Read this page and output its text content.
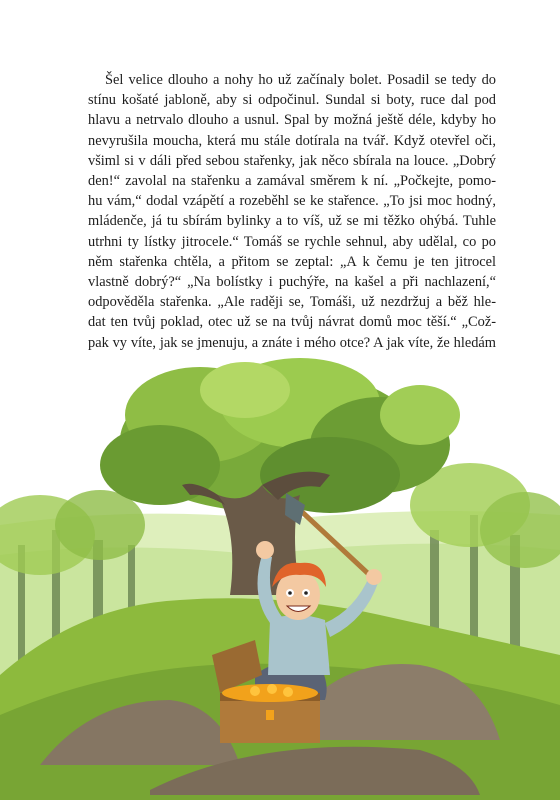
Šel velice dlouho a nohy ho už začínaly bolet. Posadil se tedy do
stínu košaté jabloně, aby si odpočinul. Sundal si boty, ruce dal pod
hlavu a netrvalo dlouho a usnul. Spal by možná ještě déle, kdyby ho
nevyrušila moucha, která mu stále dotírala na tvář. Když otevřel oči,
všiml si v dáli před sebou stařenky, jak něco sbírala na louce. „Dobrý
den!“ zavolal na stařenku a zamával směrem k ní. „Počkejte, pomo-
hu vám,“ dodal vzápětí a rozeběhl se ke stařence. „To jsi moc hodný,
mládenče, já tu sbírám bylinky a to víš, už se mi těžko ohýbá. Tuhle
utrhni ty lístky jitrocele.“ Tomáš se rychle sehnul, aby udělal, co po
něm stařenka chtěla, a přitom se zeptal: „A k čemu je ten jitrocel
vlastně dobrý?“ „Na bolístky i puchýře, na kašel a při nachlazení,“
odpověděla stařenka. „Ale raději se, Tomáši, už nezdržuj a běž hle-
dat ten tvůj poklad, otec už se na tvůj návrat domů moc těší.“ „Což-
pak vy víte, jak se jmenuju, a znáte i mého otce? A jak víte, že hledám
